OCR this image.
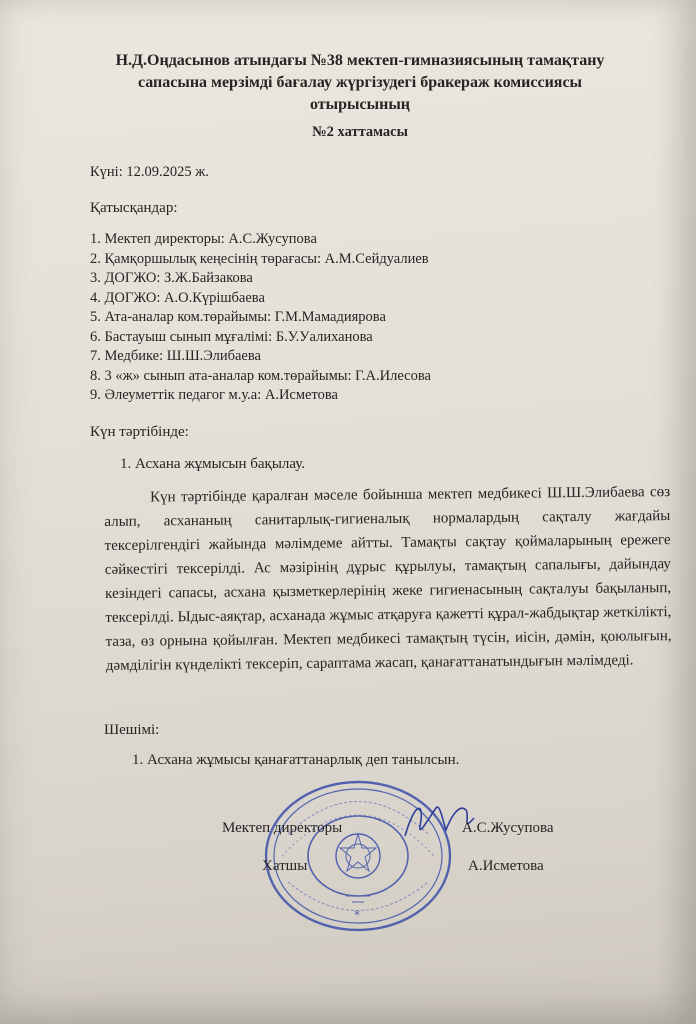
Н.Д.Оңдасынов атындағы №38 мектеп-гимназиясының тамақтану
сапасына мерзімді бағалау жүргізудегі бракераж комиссиясы
отырысының
№2 хаттамасы
Күні: 12.09.2025 ж.
Қатысқандар:
1. Мектеп директоры: А.С.Жусупова
2. Қамқоршылық кеңесінің төрағасы: А.М.Сейдуалиев
3. ДОГЖО: З.Ж.Байзакова
4. ДОГЖО: А.О.Күрішбаева
5. Ата-аналар ком.төрайымы: Г.М.Мамадиярова
6. Бастауыш сынып мұғалімі: Б.У.Уалиханова
7. Медбике: Ш.Ш.Элибаева
8. 3 «ж» сынып ата-аналар ком.төрайымы: Г.А.Илесова
9. Әлеуметтік педагог м.у.а: А.Исметова
Күн тәртібінде:
1. Асхана жұмысын бақылау.
Күн тәртібінде қаралған мәселе бойынша мектеп медбикесі Ш.Ш.Элибаева сөз алып, асхананың санитарлық-гигиеналық нормалардың сақталу жағдайы тексерілгендігі жайында мәлімдеме айтты. Тамақты сақтау қоймаларының ережеге сәйкестігі тексерілді. Ас мәзірінің дұрыс құрылуы, тамақтың сапалығы, дайындау кезіндегі сапасы, асхана қызметкерлерінің жеке гигиенасының сақталуы бақыланып, тексерілді. Ыдыс-аяқтар, асханада жұмыс атқаруға қажетті құрал-жабдықтар жеткілікті, таза, өз орнына қойылған. Мектеп медбикесі тамақтың түсін, иісін, дәмін, қоюлығын, дәмділігін күнделікті тексеріп, сараптама жасап, қанағаттанатындығын мәлімдеді.
Шешімі:
1. Асхана жұмысы қанағаттанарлық деп танылсын.
*
Мектеп директоры	А.С.Жусупова
Хатшы	А.Исметова
